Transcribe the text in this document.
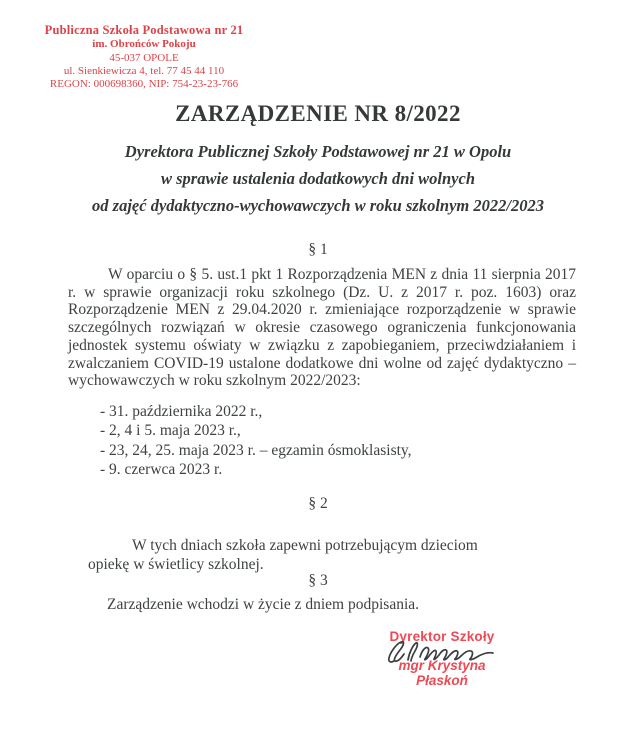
Publiczna Szkoła Podstawowa nr 21
im. Obrońców Pokoju
45-037 OPOLE
ul. Sienkiewicza 4, tel. 77 45 44 110
REGON: 000698360, NIP: 754-23-23-766
ZARZĄDZENIE NR 8/2022
Dyrektora Publicznej Szkoły Podstawowej nr 21 w Opolu
w sprawie ustalenia dodatkowych dni wolnych
od zajęć dydaktyczno-wychowawczych w roku szkolnym 2022/2023
§ 1
W oparciu o § 5. ust.1 pkt 1 Rozporządzenia MEN z dnia 11 sierpnia 2017 r. w sprawie organizacji roku szkolnego (Dz. U. z 2017 r. poz. 1603) oraz Rozporządzenie MEN z 29.04.2020 r. zmieniające rozporządzenie w sprawie szczególnych rozwiązań w okresie czasowego ograniczenia funkcjonowania jednostek systemu oświaty w związku z zapobieganiem, przeciwdziałaniem i zwalczaniem COVID-19 ustalone dodatkowe dni wolne od zajęć dydaktyczno – wychowawczych w roku szkolnym 2022/2023:
- 31. października 2022 r.,
- 2, 4 i 5. maja 2023 r.,
- 23, 24, 25. maja 2023 r. – egzamin ósmoklasisty,
- 9. czerwca 2023 r.
§ 2
W tych dniach szkoła zapewni potrzebującym dzieciom opiekę w świetlicy szkolnej.
§ 3
Zarządzenie wchodzi w życie z dniem podpisania.
Dyrektor Szkoły
mgr Krystyna Płaskoń
